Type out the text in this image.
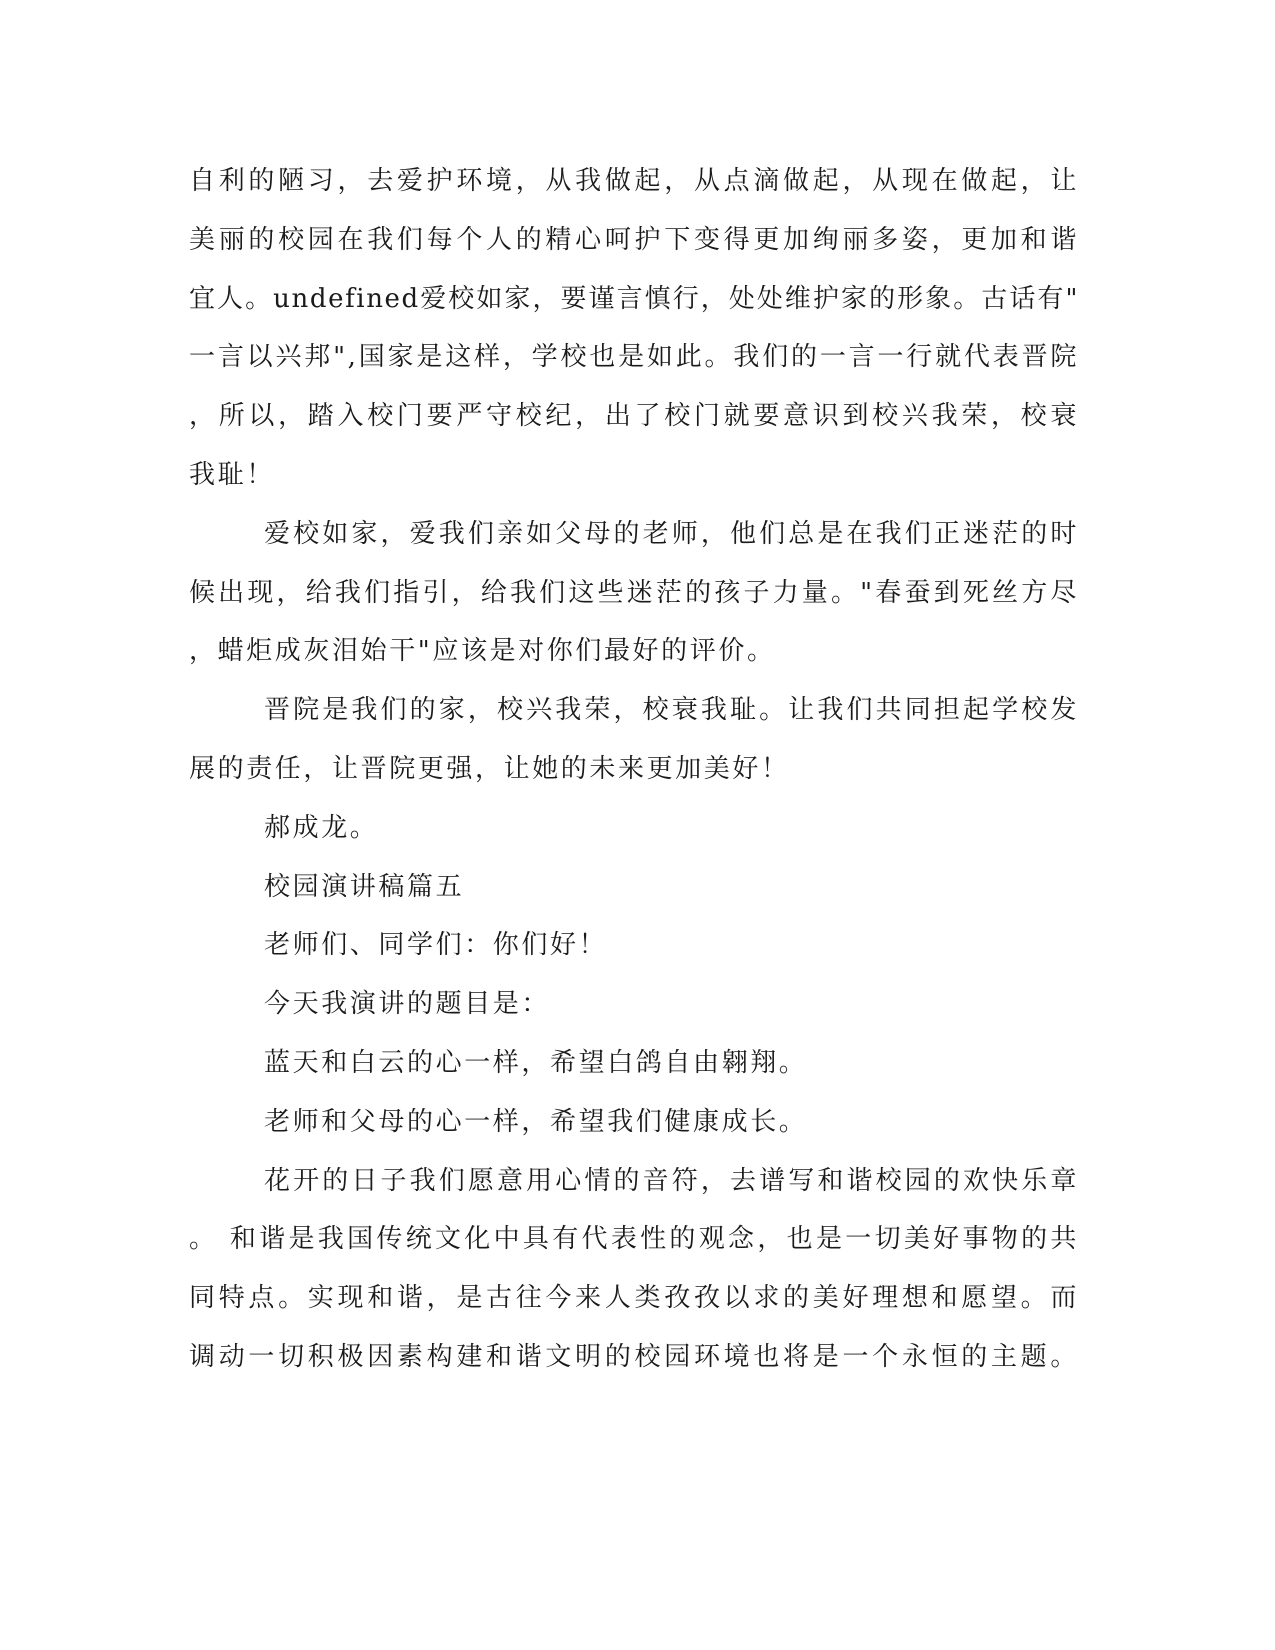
自利的陋习，去爱护环境，从我做起，从点滴做起，从现在做起，让
美丽的校园在我们每个人的精心呵护下变得更加绚丽多姿，更加和谐
宜人。undefined爱校如家，要谨言慎行，处处维护家的形象。古话有"
一言以兴邦",国家是这样，学校也是如此。我们的一言一行就代表晋院
，所以，踏入校门要严守校纪，出了校门就要意识到校兴我荣，校衰
我耻！
爱校如家，爱我们亲如父母的老师，他们总是在我们正迷茫的时
候出现，给我们指引，给我们这些迷茫的孩子力量。"春蚕到死丝方尽
，蜡炬成灰泪始干"应该是对你们最好的评价。
晋院是我们的家，校兴我荣，校衰我耻。让我们共同担起学校发
展的责任，让晋院更强，让她的未来更加美好！
郝成龙。
校园演讲稿篇五
老师们、同学们：你们好！
今天我演讲的题目是：
蓝天和白云的心一样，希望白鸽自由翱翔。
老师和父母的心一样，希望我们健康成长。
花开的日子我们愿意用心情的音符，去谱写和谐校园的欢快乐章
。 和谐是我国传统文化中具有代表性的观念，也是一切美好事物的共
同特点。实现和谐，是古往今来人类孜孜以求的美好理想和愿望。而
调动一切积极因素构建和谐文明的校园环境也将是一个永恒的主题。
